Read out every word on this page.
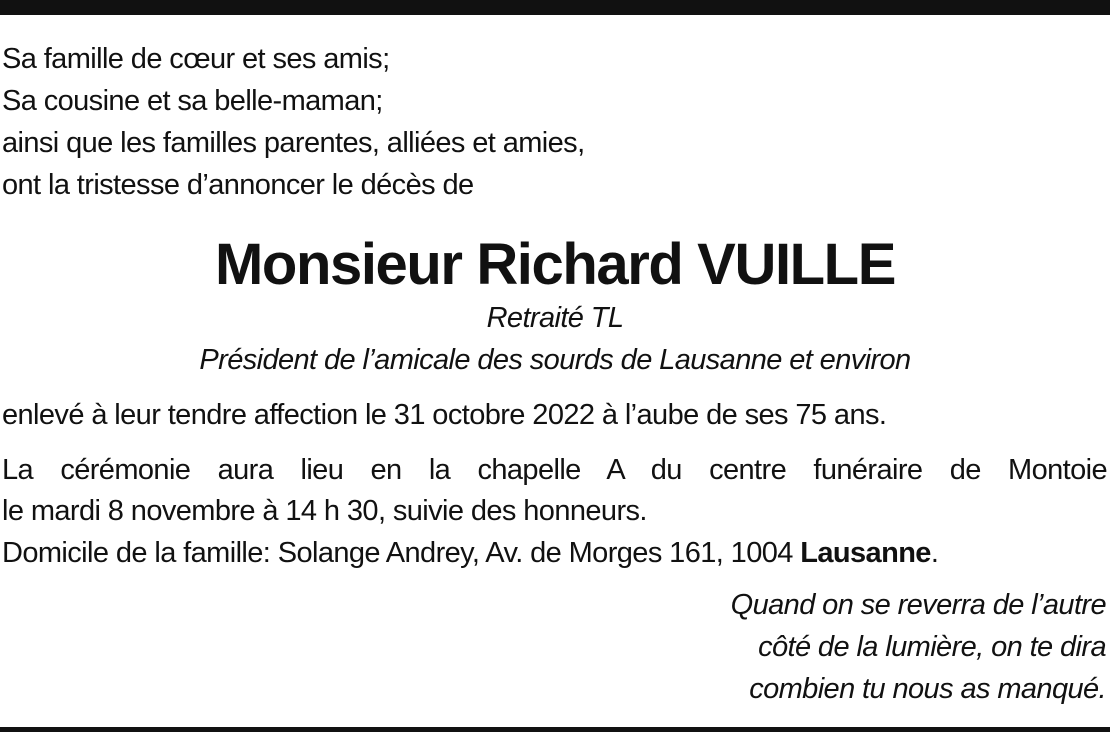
Sa famille de cœur et ses amis;
Sa cousine et sa belle-maman;
ainsi que les familles parentes, alliées et amies,
ont la tristesse d’annoncer le décès de
Monsieur Richard VUILLE
Retraité TL
Président de l’amicale des sourds de Lausanne et environ
enlevé à leur tendre affection le 31 octobre 2022 à l’aube de ses 75 ans.
La cérémonie aura lieu en la chapelle A du centre funéraire de Montoie
le mardi 8 novembre à 14 h 30, suivie des honneurs.
Domicile de la famille: Solange Andrey, Av. de Morges 161, 1004 Lausanne.
Quand on se reverra de l’autre
côté de la lumière, on te dira
combien tu nous as manqué.
